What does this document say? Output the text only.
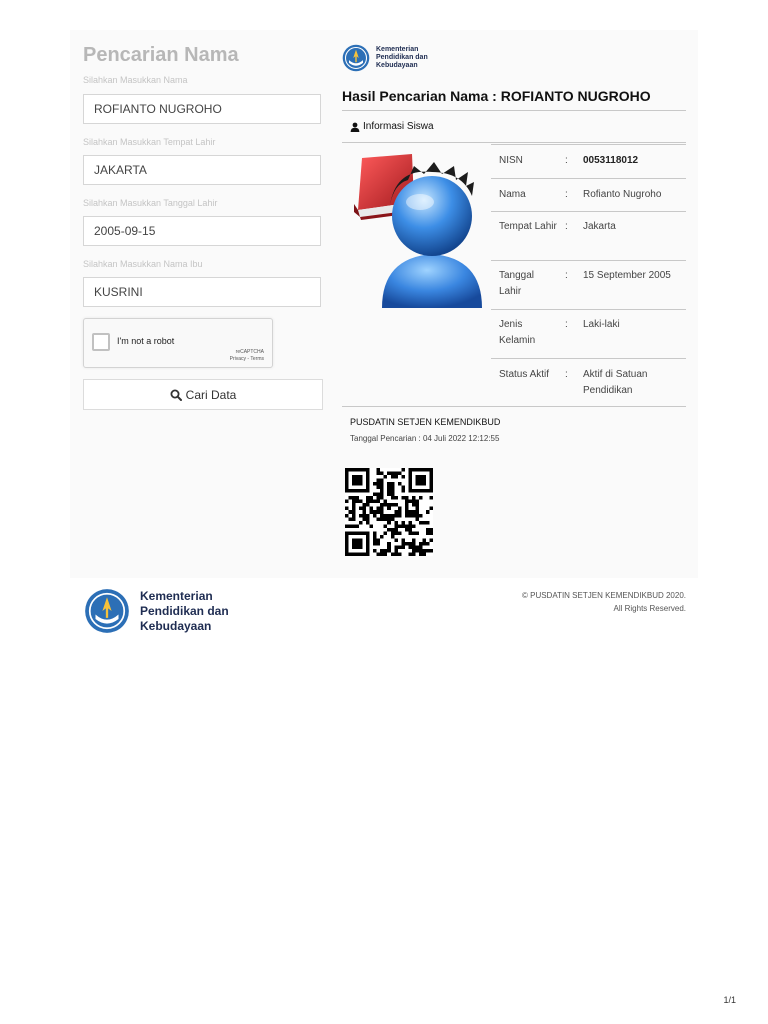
Pencarian Nama
Silahkan Masukkan Nama
ROFIANTO NUGROHO
Silahkan Masukkan Tempat Lahir
JAKARTA
Silahkan Masukkan Tanggal Lahir
2005-09-15
Silahkan Masukkan Nama Ibu
KUSRINI
I'm not a robot
reCAPTCHA
Privacy - Terms
Cari Data
Kementerian
Pendidikan dan
Kebudayaan
Hasil Pencarian Nama : ROFIANTO NUGROHO
Informasi Siswa
NISN	: 0053118012
Nama	: Rofianto Nugroho
Tempat Lahir : Jakarta
Tanggal Lahir
: 15 September 2005
Jenis Kelamin
: Laki-laki
Status Aktif	: Aktif di Satuan Pendidikan
PUSDATIN SETJEN KEMENDIKBUD
Tanggal Pencarian : 04 Juli 2022 12:12:55
Kementerian
Pendidikan dan
Kebudayaan
© PUSDATIN SETJEN KEMENDIKBUD 2020.
All Rights Reserved.
1/1
